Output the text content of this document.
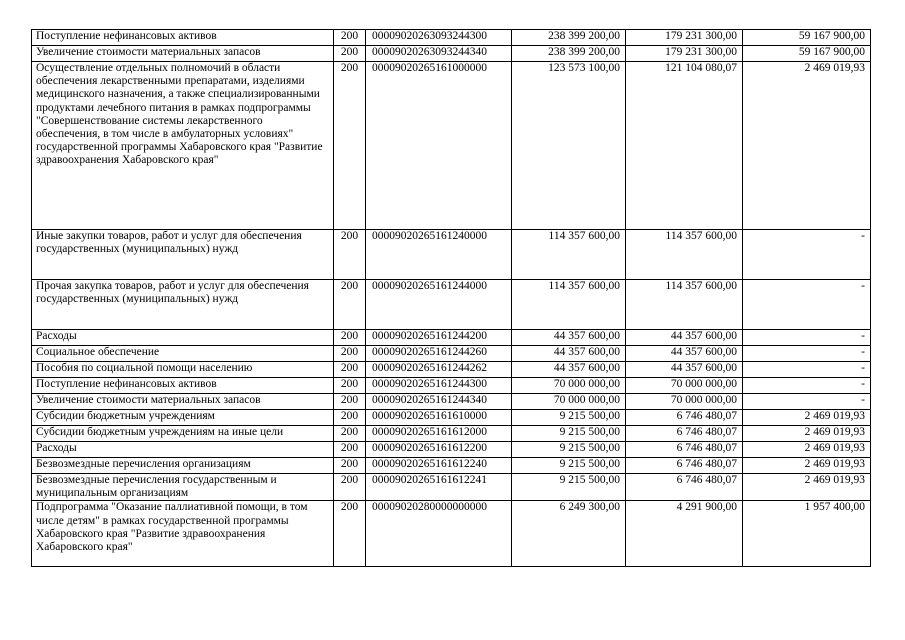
Поступление нефинансовых активов	200	00009020263093244300	238 399 200,00	179 231 300,00	59 167 900,00
Увеличение стоимости материальных запасов	200	00009020263093244340	238 399 200,00	179 231 300,00	59 167 900,00
Осуществление отдельных полномочий в области обеспечения лекарственными препаратами, изделиями медицинского назначения, а также специализированными продуктами лечебного питания в рамках подпрограммы "Совершенствование системы лекарственного обеспечения, в том числе в амбулаторных условиях" государственной программы Хабаровского края "Развитие здравоохранения Хабаровского края"	200	00009020265161000000	123 573 100,00	121 104 080,07	2 469 019,93
Иные закупки товаров, работ и услуг для обеспечения государственных (муниципальных) нужд	200	00009020265161240000	114 357 600,00	114 357 600,00	-
Прочая закупка товаров, работ и услуг для обеспечения государственных (муниципальных) нужд	200	00009020265161244000	114 357 600,00	114 357 600,00	-
Расходы	200	00009020265161244200	44 357 600,00	44 357 600,00	-
Социальное обеспечение	200	00009020265161244260	44 357 600,00	44 357 600,00	-
Пособия по социальной помощи населению	200	00009020265161244262	44 357 600,00	44 357 600,00	-
Поступление нефинансовых активов	200	00009020265161244300	70 000 000,00	70 000 000,00	-
Увеличение стоимости материальных запасов	200	00009020265161244340	70 000 000,00	70 000 000,00	-
Субсидии бюджетным учреждениям	200	00009020265161610000	9 215 500,00	6 746 480,07	2 469 019,93
Субсидии бюджетным учреждениям на иные цели	200	00009020265161612000	9 215 500,00	6 746 480,07	2 469 019,93
Расходы	200	00009020265161612200	9 215 500,00	6 746 480,07	2 469 019,93
Безвозмездные перечисления организациям	200	00009020265161612240	9 215 500,00	6 746 480,07	2 469 019,93
Безвозмездные перечисления государственным и муниципальным организациям	200	00009020265161612241	9 215 500,00	6 746 480,07	2 469 019,93
Подпрограмма "Оказание паллиативной помощи, в том числе детям" в рамках государственной программы Хабаровского края "Развитие здравоохранения Хабаровского края"	200	00009020280000000000	6 249 300,00	4 291 900,00	1 957 400,00
